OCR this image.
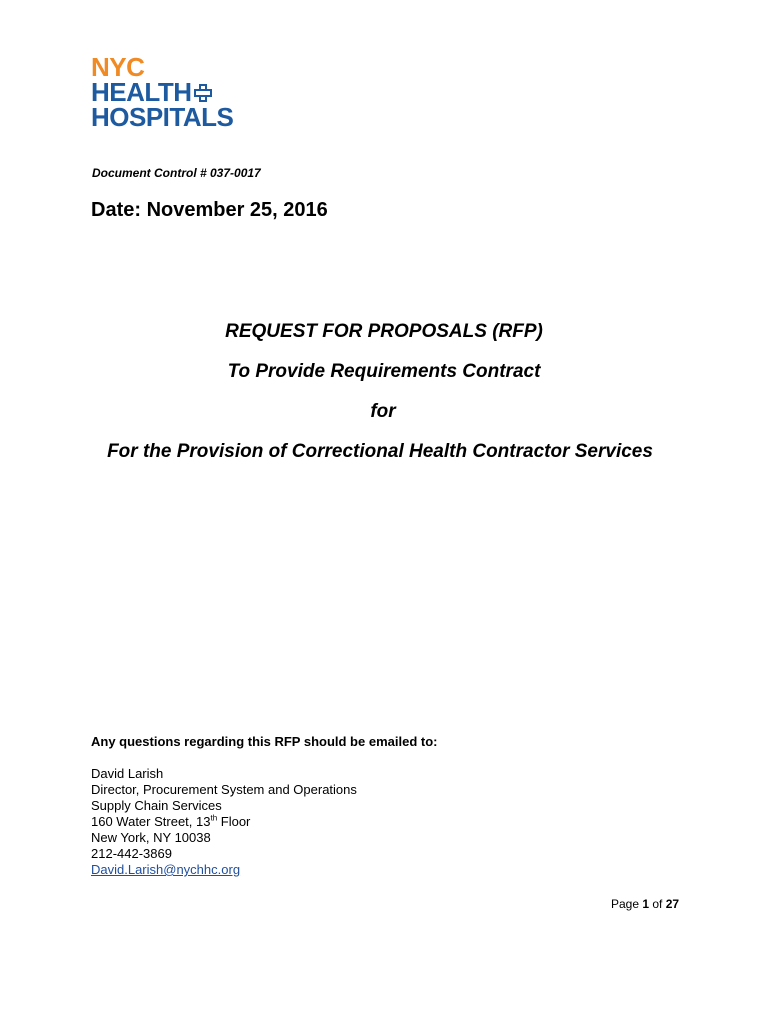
NYC
HEALTH
HOSPITALS
Document Control # 037-0017
Date: November 25, 2016
REQUEST FOR PROPOSALS (RFP)
To Provide Requirements Contract
for
For the Provision of Correctional Health Contractor Services
Any questions regarding this RFP should be emailed to:
David Larish
Director, Procurement System and Operations
Supply Chain Services
160 Water Street, 13th Floor
New York, NY 10038
212-442-3869
David.Larish@nychhc.org
Page 1 of 27
